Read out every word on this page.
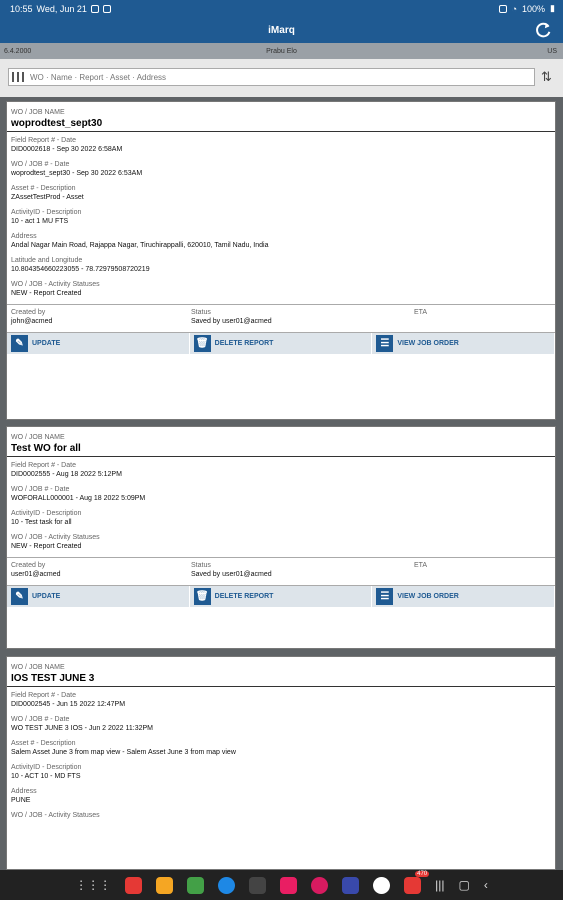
10:55 Wed, Jun 21	◔ 100% ▮
iMarq
6.4.2000	Prabu Elo	US
WO · Name · Report · Asset · Address
⇅
WO / JOB NAME
woprodtest_sept30
Field Report # - Date
DID0002618 - Sep 30 2022 6:58AM
WO / JOB # - Date
woprodtest_sept30 - Sep 30 2022 6:53AM
Asset # - Description
ZAssetTestProd - Asset
ActivityID - Description
10 - act 1 MU FTS
Address
Andal Nagar Main Road, Rajappa Nagar, Tiruchirappalli, 620010, Tamil Nadu, India
Latitude and Longitude
10.804354660223055 - 78.72979508720219
WO / JOB - Activity Statuses
NEW - Report Created
Created by
john@acmed
Status
Saved by user01@acmed
ETA
✎	UPDATE	🗑 DELETE REPORT	☰	VIEW JOB ORDER
WO / JOB NAME
Test WO for all
Field Report # - Date
DID0002555 - Aug 18 2022 5:12PM
WO / JOB # - Date
WOFORALL000001 - Aug 18 2022 5:09PM
ActivityID - Description
10 - Test task for all
WO / JOB - Activity Statuses
NEW - Report Created
Created by
user01@acmed
Status
Saved by user01@acmed
ETA
✎	UPDATE	🗑 DELETE REPORT	☰	VIEW JOB ORDER
WO / JOB NAME
IOS TEST JUNE 3
Field Report # - Date
DID0002545 - Jun 15 2022 12:47PM
WO / JOB # - Date
WO TEST JUNE 3 IOS - Jun 2 2022 11:32PM
Asset # - Description
Salem Asset June 3 from map view - Salem Asset June 3 from map view
ActivityID - Description
10 - ACT 10 - MD FTS
Address
PUNE
WO / JOB - Activity Statuses
⋮⋮⋮
470
||| ▢ ‹
